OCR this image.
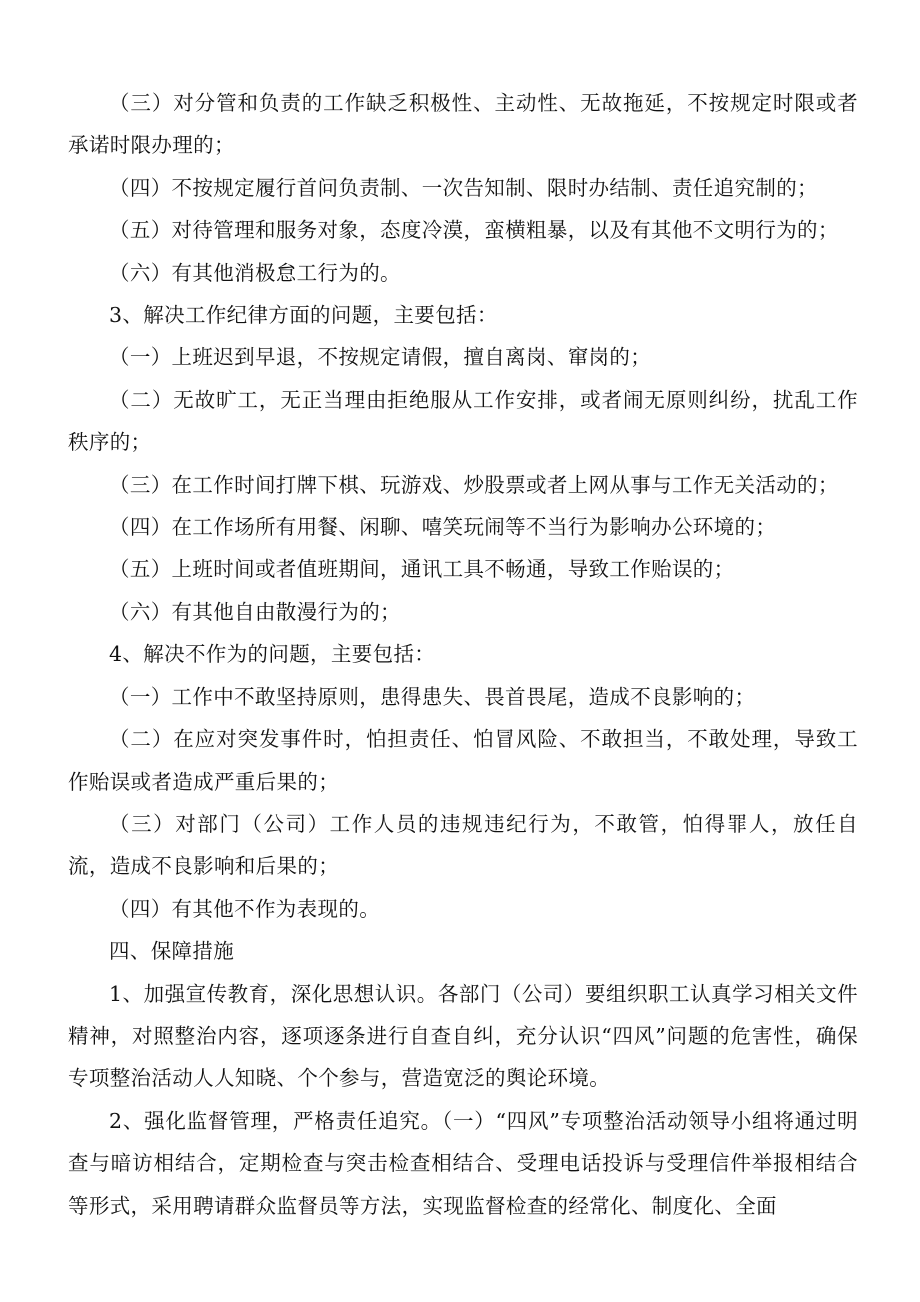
（三）对分管和负责的工作缺乏积极性、主动性、无故拖延，不按规定时限或者承诺时限办理的；

（四）不按规定履行首问负责制、一次告知制、限时办结制、责任追究制的；

（五）对待管理和服务对象，态度冷漠，蛮横粗暴，以及有其他不文明行为的；

（六）有其他消极怠工行为的。

3、解决工作纪律方面的问题，主要包括：

（一）上班迟到早退，不按规定请假，擅自离岗、窜岗的；

（二）无故旷工，无正当理由拒绝服从工作安排，或者闹无原则纠纷，扰乱工作秩序的；

（三）在工作时间打牌下棋、玩游戏、炒股票或者上网从事与工作无关活动的；

（四）在工作场所有用餐、闲聊、嘻笑玩闹等不当行为影响办公环境的；

（五）上班时间或者值班期间，通讯工具不畅通，导致工作贻误的；

（六）有其他自由散漫行为的；

4、解决不作为的问题，主要包括：

（一）工作中不敢坚持原则，患得患失、畏首畏尾，造成不良影响的；

（二）在应对突发事件时，怕担责任、怕冒风险、不敢担当，不敢处理，导致工作贻误或者造成严重后果的；

（三）对部门（公司）工作人员的违规违纪行为，不敢管，怕得罪人，放任自流，造成不良影响和后果的；

（四）有其他不作为表现的。

四、保障措施

1、加强宣传教育，深化思想认识。各部门（公司）要组织职工认真学习相关文件精神，对照整治内容，逐项逐条进行自查自纠，充分认识“四风”问题的危害性，确保专项整治活动人人知晓、个个参与，营造宽泛的舆论环境。

2、强化监督管理，严格责任追究。（一）“四风”专项整治活动领导小组将通过明查与暗访相结合，定期检查与突击检查相结合、受理电话投诉与受理信件举报相结合等形式，采用聘请群众监督员等方法，实现监督检查的经常化、制度化、全面
